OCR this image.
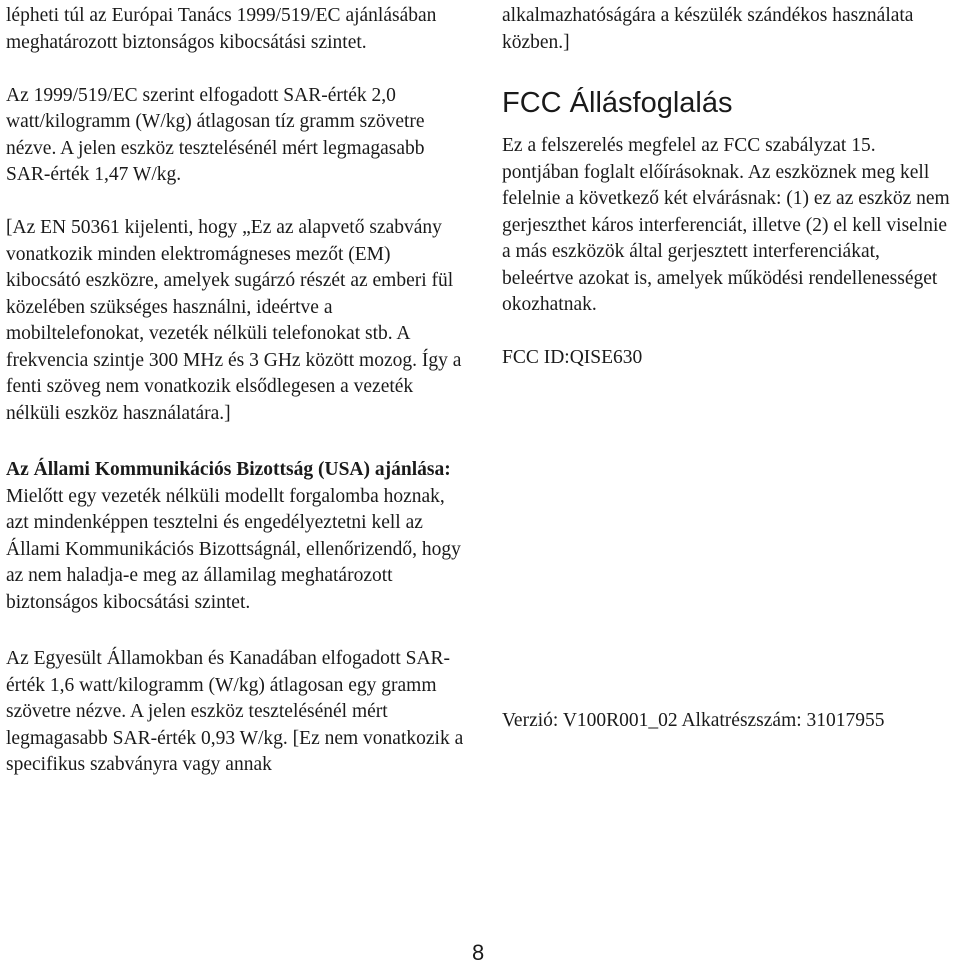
lépheti túl az Európai Tanács 1999/519/EC ajánlásában meghatározott biztonságos kibocsátási szintet.

Az 1999/519/EC szerint elfogadott SAR-érték 2,0 watt/kilogramm (W/kg) átlagosan tíz gramm szövetre nézve. A jelen eszköz tesztelésénél mért legmagasabb SAR-érték 1,47 W/kg.

[Az EN 50361 kijelenti, hogy „Ez az alapvető szabvány vonatkozik minden elektromágneses mezőt (EM) kibocsátó eszközre, amelyek sugárzó részét az emberi fül közelében szükséges használni, ideértve a mobiltelefonokat, vezeték nélküli telefonokat stb. A frekvencia szintje 300 MHz és 3 GHz között mozog. Így a fenti szöveg nem vonatkozik elsődlegesen a vezeték nélküli eszköz használatára.]

Az Állami Kommunikációs Bizottság (USA) ajánlása: Mielőtt egy vezeték nélküli modellt forgalomba hoznak, azt mindenképpen tesztelni és engedélyeztetni kell az Állami Kommunikációs Bizottságnál, ellenőrizendő, hogy az nem haladja-e meg az államilag meghatározott biztonságos kibocsátási szintet.

Az Egyesült Államokban és Kanadában elfogadott SAR-érték 1,6 watt/kilogramm (W/kg) átlagosan egy gramm szövetre nézve. A jelen eszköz tesztelésénél mért legmagasabb SAR-érték 0,93 W/kg. [Ez nem vonatkozik a specifikus szabványra vagy annak

alkalmazhatóságára a készülék szándékos használata közben.]

FCC Állásfoglalás

Ez a felszerelés megfelel az FCC szabályzat 15. pontjában foglalt előírásoknak. Az eszköznek meg kell felelnie a következő két elvárásnak: (1) ez az eszköz nem gerjeszthet káros interferenciát, illetve (2) el kell viselnie a más eszközök által gerjesztett interferenciákat, beleértve azokat is, amelyek működési rendellenességet okozhatnak.

FCC ID:QISE630

Verzió: V100R001_02 Alkatrészszám: 31017955

8
